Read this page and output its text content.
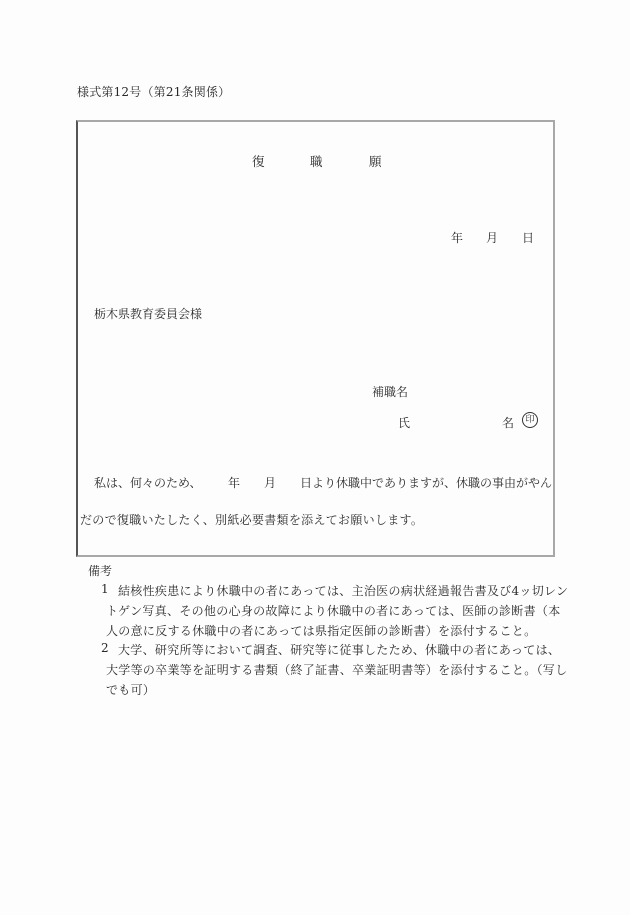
様式第12号（第21条関係）
復	職	願
年 月 日
栃木県教育委員会様
補職名
氏	名	印
私は、何々のため、 年 月 日より休職中でありますが、休職の事由がやん
だので復職いたしたく、別紙必要書類を添えてお願いします。
備考
1 結核性疾患により休職中の者にあっては、主治医の病状経過報告書及び4ッ切レン
トゲン写真、その他の心身の故障により休職中の者にあっては、医師の診断書（本
人の意に反する休職中の者にあっては県指定医師の診断書）を添付すること。
2 大学、研究所等において調査、研究等に従事したため、休職中の者にあっては、
大学等の卒業等を証明する書類（終了証書、卒業証明書等）を添付すること。（写し
でも可）
